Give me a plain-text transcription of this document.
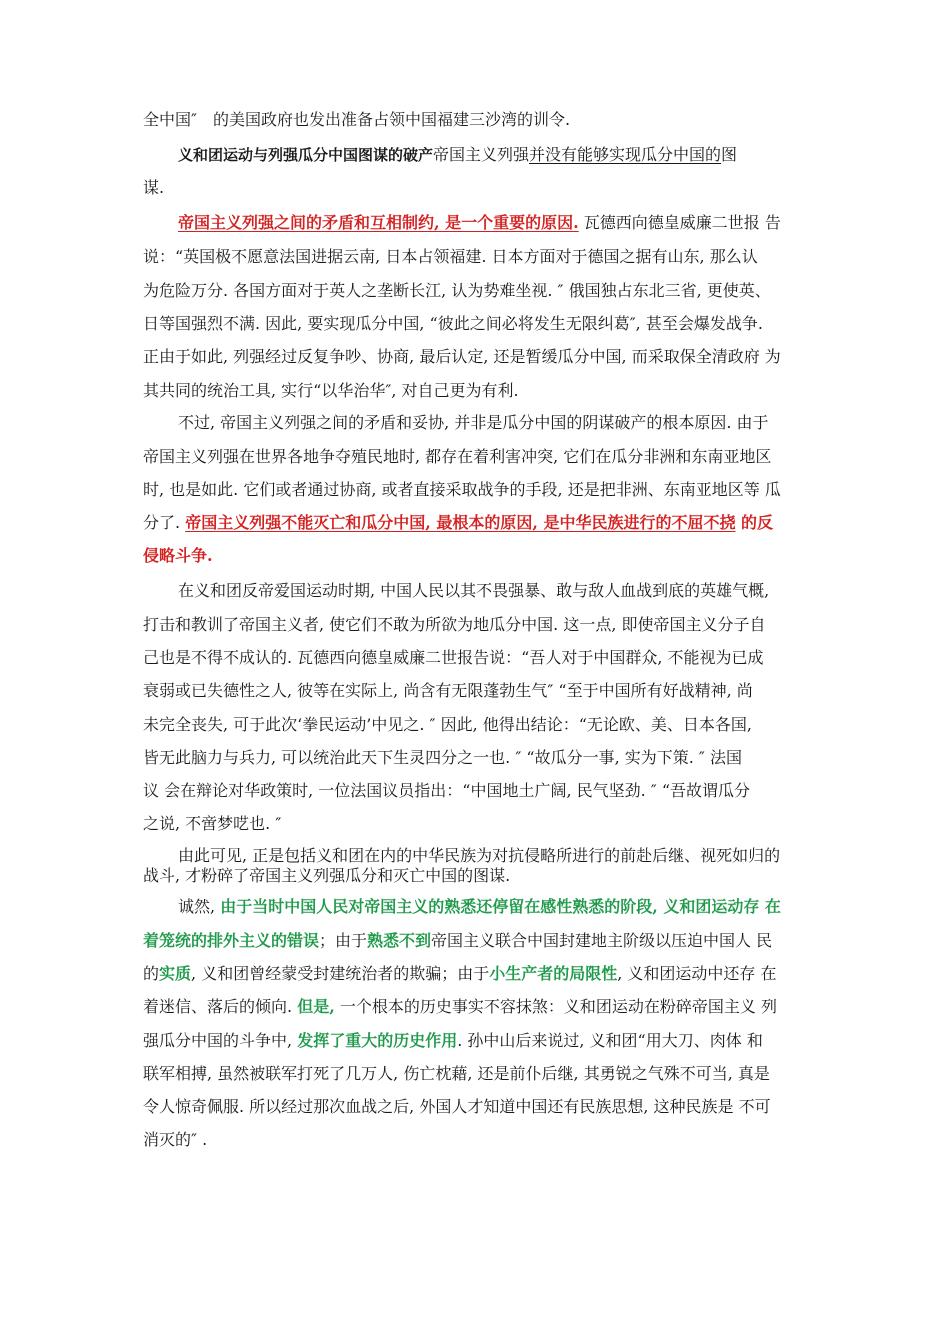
全中国″　的美国政府也发出准备占领中国福建三沙湾的训令.
义和团运动与列强瓜分中国图谋的破产帝国主义列强并没有能够实现瓜分中国的图
谋.
帝国主义列强之间的矛盾和互相制约, 是一个重要的原因. 瓦德西向德皇威廉二世报 告
说：“英国极不愿意法国进据云南, 日本占领福建. 日本方面对于德国之据有山东, 那么认
为危险万分. 各国方面对于英人之垄断长江, 认为势难坐视. ″ 俄国独占东北三省, 更使英、
日等国强烈不满. 因此, 要实现瓜分中国, “彼此之间必将发生无限纠葛″, 甚至会爆发战争.
正由于如此, 列强经过反复争吵、协商, 最后认定, 还是暂缓瓜分中国, 而采取保全清政府 为
其共同的统治工具, 实行“以华治华″, 对自己更为有利.
不过, 帝国主义列强之间的矛盾和妥协, 并非是瓜分中国的阴谋破产的根本原因. 由于
帝国主义列强在世界各地争夺殖民地时, 都存在着利害冲突, 它们在瓜分非洲和东南亚地区
时, 也是如此. 它们或者通过协商, 或者直接采取战争的手段, 还是把非洲、东南亚地区等 瓜
分了. 帝国主义列强不能灭亡和瓜分中国, 最根本的原因, 是中华民族进行的不屈不挠 的反
侵略斗争.
在义和团反帝爱国运动时期, 中国人民以其不畏强暴、敢与敌人血战到底的英雄气概,
打击和教训了帝国主义者, 使它们不敢为所欲为地瓜分中国. 这一点, 即使帝国主义分子自
己也是不得不成认的. 瓦德西向德皇威廉二世报告说：“吾人对于中国群众, 不能视为已成
衰弱或已失德性之人, 彼等在实际上, 尚含有无限蓬勃生气″ “至于中国所有好战精神, 尚
未完全丧失, 可于此次‘拳民运动’中见之. ″ 因此, 他得出结论：“无论欧、美、日本各国,
皆无此脑力与兵力, 可以统治此天下生灵四分之一也. ″ “故瓜分一事, 实为下策. ″ 法国
议 会在辩论对华政策时, 一位法国议员指出：“中国地土广阔, 民气坚劲. ″ “吾故谓瓜分
之说, 不啻梦呓也. ″
由此可见, 正是包括义和团在内的中华民族为对抗侵略所进行的前赴后继、视死如归的
战斗, 才粉碎了帝国主义列强瓜分和灭亡中国的图谋.
诚然, 由于当时中国人民对帝国主义的熟悉还停留在感性熟悉的阶段, 义和团运动存 在
着笼统的排外主义的错误；由于熟悉不到帝国主义联合中国封建地主阶级以压迫中国人 民
的实质, 义和团曾经蒙受封建统治者的欺骗；由于小生产者的局限性, 义和团运动中还存 在
着迷信、落后的倾向. 但是, 一个根本的历史事实不容抹煞：义和团运动在粉碎帝国主义 列
强瓜分中国的斗争中, 发挥了重大的历史作用. 孙中山后来说过, 义和团“用大刀、肉体 和
联军相搏, 虽然被联军打死了几万人, 伤亡枕藉, 还是前仆后继, 其勇锐之气殊不可当, 真是
令人惊奇佩服. 所以经过那次血战之后, 外国人才知道中国还有民族思想, 这种民族是 不可
消灭的″ .
